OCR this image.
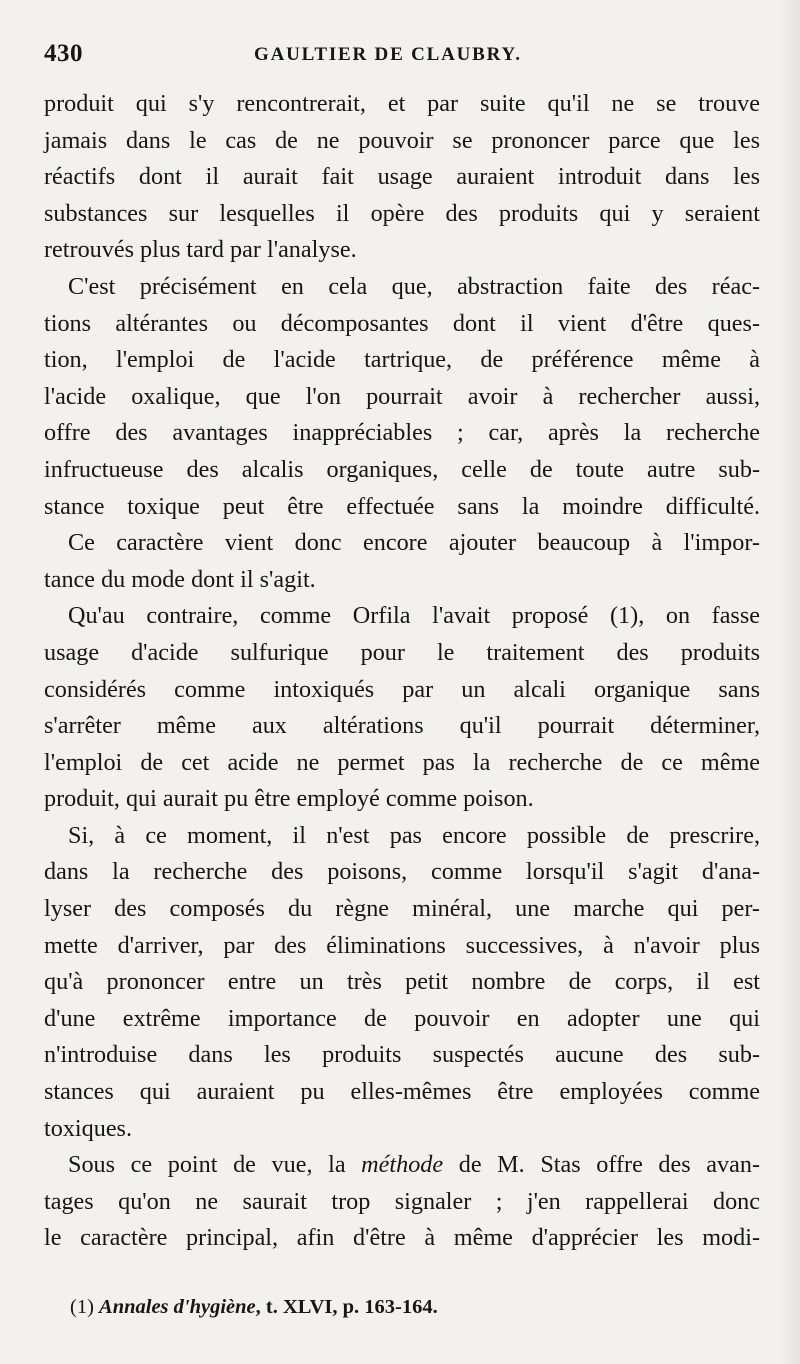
430	GAULTIER DE CLAUBRY.

produit qui s'y rencontrerait, et par suite qu'il ne se trouve
jamais dans le cas de ne pouvoir se prononcer parce que les
réactifs dont il aurait fait usage auraient introduit dans les
substances sur lesquelles il opère des produits qui y seraient
retrouvés plus tard par l'analyse.

C'est précisément en cela que, abstraction faite des réac-
tions altérantes ou décomposantes dont il vient d'être ques-
tion, l'emploi de l'acide tartrique, de préférence même à
l'acide oxalique, que l'on pourrait avoir à rechercher aussi,
offre des avantages inappréciables ; car, après la recherche
infructueuse des alcalis organiques, celle de toute autre sub-
stance toxique peut être effectuée sans la moindre difficulté.

Ce caractère vient donc encore ajouter beaucoup à l'impor-
tance du mode dont il s'agit.

Qu'au contraire, comme Orfila l'avait proposé (1), on fasse
usage d'acide sulfurique pour le traitement des produits
considérés comme intoxiqués par un alcali organique sans
s'arrêter même aux altérations qu'il pourrait déterminer,
l'emploi de cet acide ne permet pas la recherche de ce même
produit, qui aurait pu être employé comme poison.

Si, à ce moment, il n'est pas encore possible de prescrire,
dans la recherche des poisons, comme lorsqu'il s'agit d'ana-
lyser des composés du règne minéral, une marche qui per-
mette d'arriver, par des éliminations successives, à n'avoir plus
qu'à prononcer entre un très petit nombre de corps, il est
d'une extrême importance de pouvoir en adopter une qui
n'introduise dans les produits suspectés aucune des sub-
stances qui auraient pu elles-mêmes être employées comme
toxiques.

Sous ce point de vue, la méthode de M. Stas offre des avan-
tages qu'on ne saurait trop signaler ; j'en rappellerai donc
le caractère principal, afin d'être à même d'apprécier les modi-

(1) Annales d'hygiène, t. XLVI, p. 163-164.
